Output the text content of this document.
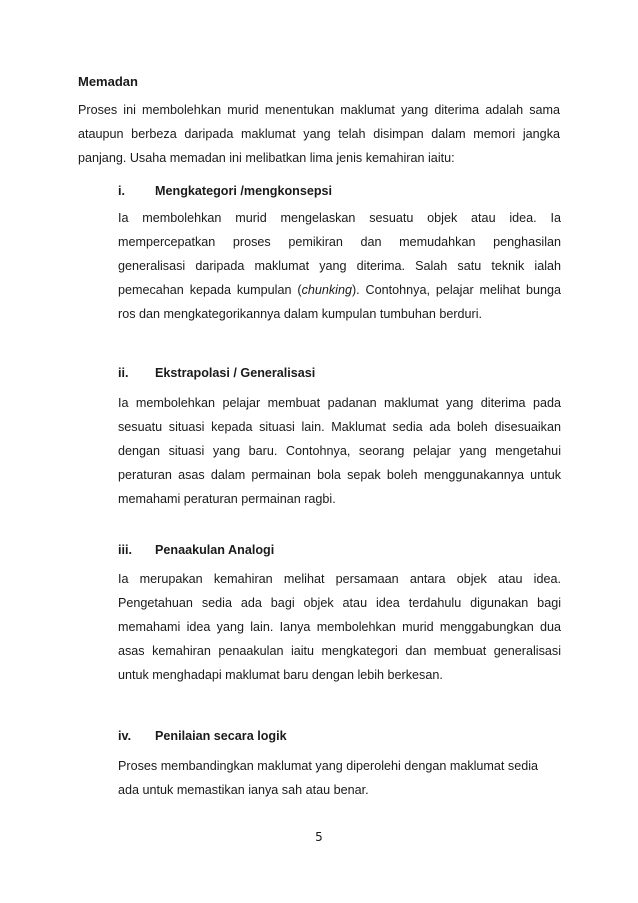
Memadan
Proses ini membolehkan murid menentukan maklumat yang diterima adalah sama ataupun berbeza daripada maklumat yang telah disimpan dalam memori jangka panjang. Usaha memadan ini melibatkan lima jenis kemahiran iaitu:
i. Mengkategori /mengkonsepsi
Ia membolehkan murid mengelaskan sesuatu objek atau idea. Ia mempercepatkan proses pemikiran dan memudahkan penghasilan generalisasi daripada maklumat yang diterima. Salah satu teknik ialah pemecahan kepada kumpulan (chunking). Contohnya, pelajar melihat bunga ros dan mengkategorikannya dalam kumpulan tumbuhan berduri.
ii. Ekstrapolasi / Generalisasi
Ia membolehkan pelajar membuat padanan maklumat yang diterima pada sesuatu situasi kepada situasi lain. Maklumat sedia ada boleh disesuaikan dengan situasi yang baru. Contohnya, seorang pelajar yang mengetahui peraturan asas dalam permainan bola sepak boleh menggunakannya untuk memahami peraturan permainan ragbi.
iii. Penaakulan Analogi
Ia merupakan kemahiran melihat persamaan antara objek atau idea. Pengetahuan sedia ada bagi objek atau idea terdahulu digunakan bagi memahami idea yang lain. Ianya membolehkan murid menggabungkan dua asas kemahiran penaakulan iaitu mengkategori dan membuat generalisasi untuk menghadapi maklumat baru dengan lebih berkesan.
iv. Penilaian secara logik
Proses membandingkan maklumat yang diperolehi dengan maklumat sedia ada untuk memastikan ianya sah atau benar.
5
